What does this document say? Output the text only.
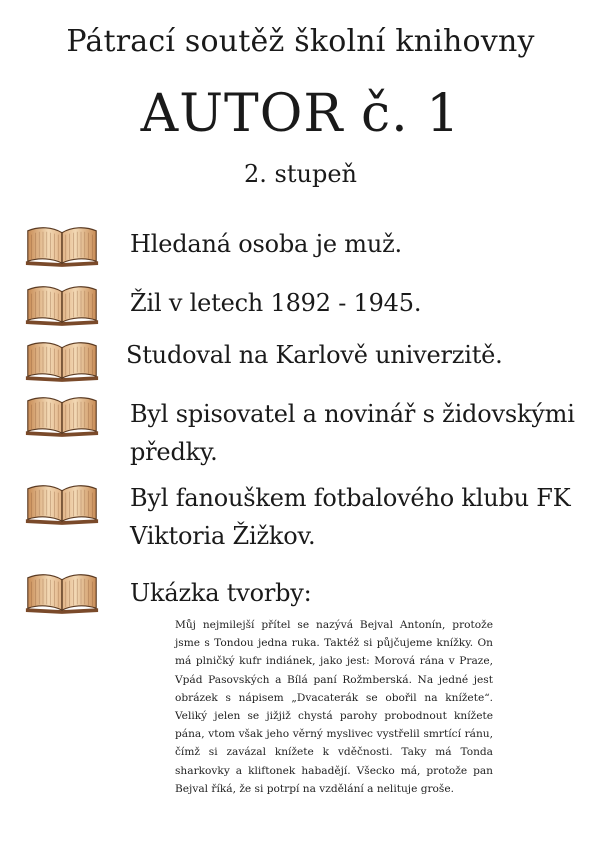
Pátrací soutěž školní knihovny
AUTOR č. 1
2. stupeň
Hledaná osoba je muž.
Žil v letech 1892 - 1945.
Studoval na Karlově univerzitě.
Byl spisovatel a novinář s židovskými předky.
Byl fanouškem fotbalového klubu FK Viktoria Žižkov.
Ukázka tvorby:
Můj nejmilejší přítel se nazývá Bejval Antonín, protože jsme s Tondou jedna ruka. Taktéž si půjčujeme knížky. On má plničký kufr indiánek, jako jest: Morová rána v Praze, Vpád Pasovských a Bílá paní Rožmberská. Na jedné jest obrázek s nápisem „Dvacaterák se obořil na knížete“. Veliký jelen se jižjiž chystá parohy probodnout knížete pána, vtom však jeho věrný myslivec vystřelil smrtící ránu, čímž si zavázal knížete k vděčnosti. Taky má Tonda sharkovky a kliftonek habadějí. Všecko má, protože pan Bejval říká, že si potrpí na vzdělání a nelituje groše.
